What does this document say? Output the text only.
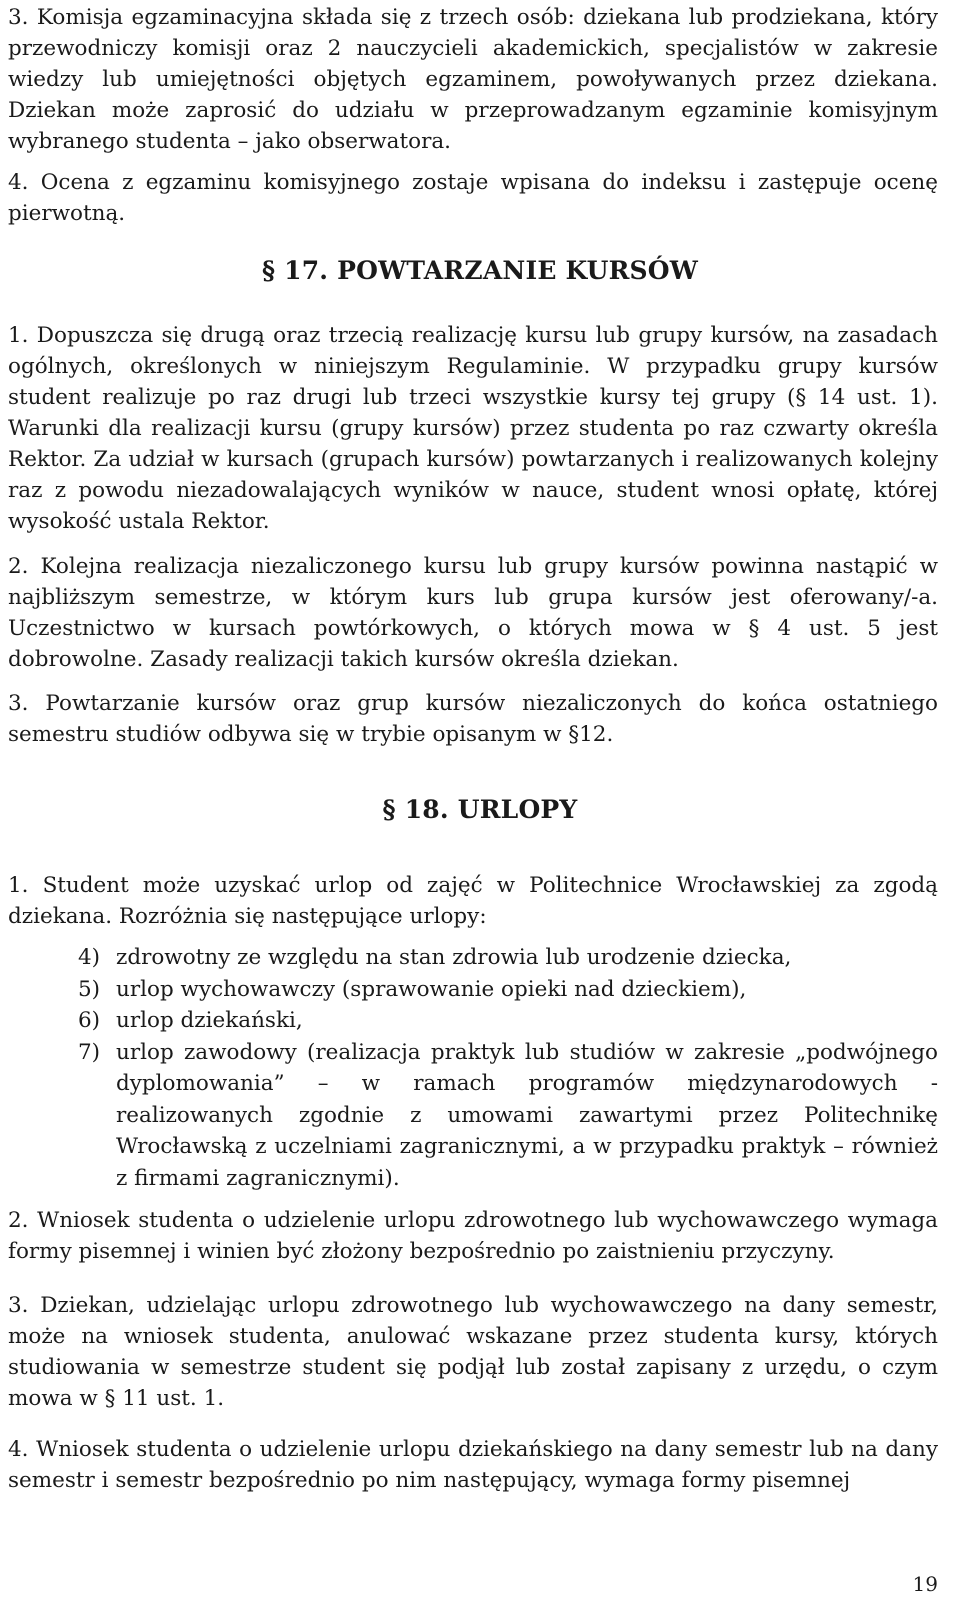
3. Komisja egzaminacyjna składa się z trzech osób: dziekana lub prodziekana, który przewodniczy komisji oraz 2 nauczycieli akademickich, specjalistów w zakresie wiedzy lub umiejętności objętych egzaminem, powoływanych przez dziekana. Dziekan może zaprosić do udziału w przeprowadzanym egzaminie komisyjnym wybranego studenta – jako obserwatora.

4. Ocena z egzaminu komisyjnego zostaje wpisana do indeksu i zastępuje ocenę pierwotną.

§ 17. POWTARZANIE KURSÓW

1. Dopuszcza się drugą oraz trzecią realizację kursu lub grupy kursów, na zasadach ogólnych, określonych w niniejszym Regulaminie. W przypadku grupy kursów student realizuje po raz drugi lub trzeci wszystkie kursy tej grupy (§ 14 ust. 1). Warunki dla realizacji kursu (grupy kursów) przez studenta po raz czwarty określa Rektor. Za udział w kursach (grupach kursów) powtarzanych i realizowanych kolejny raz z powodu niezadowalających wyników w nauce, student wnosi opłatę, której wysokość ustala Rektor.

2. Kolejna realizacja niezaliczonego kursu lub grupy kursów powinna nastąpić w najbliższym semestrze, w którym kurs lub grupa kursów jest oferowany/-a. Uczestnictwo w kursach powtórkowych, o których mowa w § 4 ust. 5 jest dobrowolne. Zasady realizacji takich kursów określa dziekan.

3. Powtarzanie kursów oraz grup kursów niezaliczonych do końca ostatniego semestru studiów odbywa się w trybie opisanym w §12.

§ 18. URLOPY

1. Student może uzyskać urlop od zajęć w Politechnice Wrocławskiej za zgodą dziekana. Rozróżnia się następujące urlopy:

4) zdrowotny ze względu na stan zdrowia lub urodzenie dziecka,
5) urlop wychowawczy (sprawowanie opieki nad dzieckiem),
6) urlop dziekański,
7) urlop zawodowy (realizacja praktyk lub studiów w zakresie „podwójnego dyplomowania” – w ramach programów międzynarodowych - realizowanych zgodnie z umowami zawartymi przez Politechnikę Wrocławską z uczelniami zagranicznymi, a w przypadku praktyk – również z firmami zagranicznymi).

2. Wniosek studenta o udzielenie urlopu zdrowotnego lub wychowawczego wymaga formy pisemnej i winien być złożony bezpośrednio po zaistnieniu przyczyny.

3. Dziekan, udzielając urlopu zdrowotnego lub wychowawczego na dany semestr, może na wniosek studenta, anulować wskazane przez studenta kursy, których studiowania w semestrze student się podjął lub został zapisany z urzędu, o czym mowa w § 11 ust. 1.

4. Wniosek studenta o udzielenie urlopu dziekańskiego na dany semestr lub na dany semestr i semestr bezpośrednio po nim następujący, wymaga formy pisemnej

19
